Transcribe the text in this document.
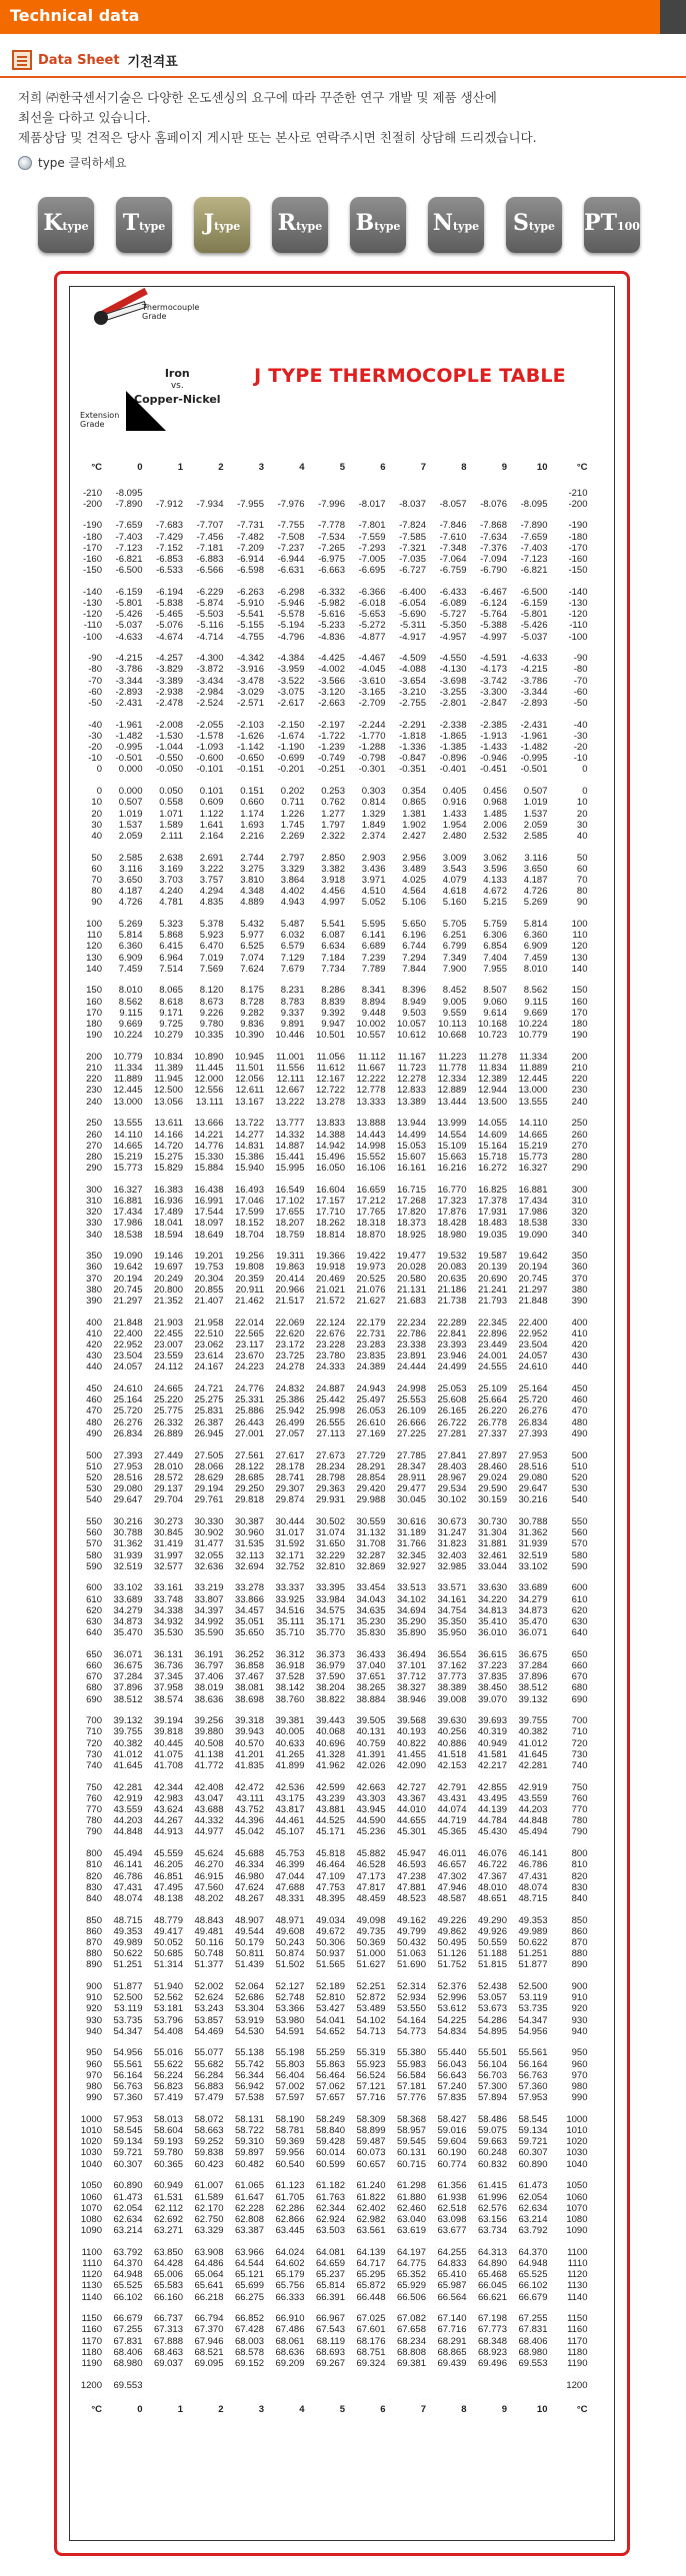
Technical data
Data Sheet 기전격표
저희 ㈜한국센서기술은 다양한 온도센싱의 요구에 따라 꾸준한 연구 개발 및 제품 생산에
최선을 다하고 있습니다.
제품상담 및 견적은 당사 홈페이지 게시판 또는 본사로 연락주시면 친절히 상담해 드리겠습니다.
type 클릭하세요
K type T type J type R type B type N type S type PT 100
Thermocouple Grade
Iron
vs.
Copper-Nickel
Extension Grade
J TYPE THERMOCOPLE TABLE
°C	0	1	2	3	4	5	6	7	8	9	10	°C
-210	-8.095	-210
-200	-7.890	-7.912	-7.934	-7.955	-7.976	-7.996	-8.017	-8.037	-8.057	-8.076	-8.095	-200
-190	-7.659	-7.683	-7.707	-7.731	-7.755	-7.778	-7.801	-7.824	-7.846	-7.868	-7.890	-190
-180	-7.403	-7.429	-7.456	-7.482	-7.508	-7.534	-7.559	-7.585	-7.610	-7.634	-7.659	-180
-170	-7.123	-7.152	-7.181	-7.209	-7.237	-7.265	-7.293	-7.321	-7.348	-7.376	-7.403	-170
-160	-6.821	-6.853	-6.883	-6.914	-6.944	-6.975	-7.005	-7.035	-7.064	-7.094	-7.123	-160
-150	-6.500	-6.533	-6.566	-6.598	-6.631	-6.663	-6.695	-6.727	-6.759	-6.790	-6.821	-150
-140	-6.159	-6.194	-6.229	-6.263	-6.298	-6.332	-6.366	-6.400	-6.433	-6.467	-6.500	-140
-130	-5.801	-5.838	-5.874	-5.910	-5.946	-5.982	-6.018	-6.054	-6.089	-6.124	-6.159	-130
-120	-5.426	-5.465	-5.503	-5.541	-5.578	-5.616	-5.653	-5.690	-5.727	-5.764	-5.801	-120
-110	-5.037	-5.076	-5.116	-5.155	-5.194	-5.233	-5.272	-5.311	-5.350	-5.388	-5.426	-110
-100	-4.633	-4.674	-4.714	-4.755	-4.796	-4.836	-4.877	-4.917	-4.957	-4.997	-5.037	-100
-90	-4.215	-4.257	-4.300	-4.342	-4.384	-4.425	-4.467	-4.509	-4.550	-4.591	-4.633	-90
-80	-3.786	-3.829	-3.872	-3.916	-3.959	-4.002	-4.045	-4.088	-4.130	-4.173	-4.215	-80
-70	-3.344	-3.389	-3.434	-3.478	-3.522	-3.566	-3.610	-3.654	-3.698	-3.742	-3.786	-70
-60	-2.893	-2.938	-2.984	-3.029	-3.075	-3.120	-3.165	-3.210	-3.255	-3.300	-3.344	-60
-50	-2.431	-2.478	-2.524	-2.571	-2.617	-2.663	-2.709	-2.755	-2.801	-2.847	-2.893	-50
-40	-1.961	-2.008	-2.055	-2.103	-2.150	-2.197	-2.244	-2.291	-2.338	-2.385	-2.431	-40
-30	-1.482	-1.530	-1.578	-1.626	-1.674	-1.722	-1.770	-1.818	-1.865	-1.913	-1.961	-30
-20	-0.995	-1.044	-1.093	-1.142	-1.190	-1.239	-1.288	-1.336	-1.385	-1.433	-1.482	-20
-10	-0.501	-0.550	-0.600	-0.650	-0.699	-0.749	-0.798	-0.847	-0.896	-0.946	-0.995	-10
0	0.000	-0.050	-0.101	-0.151	-0.201	-0.251	-0.301	-0.351	-0.401	-0.451	-0.501	0
0	0.000	0.050	0.101	0.151	0.202	0.253	0.303	0.354	0.405	0.456	0.507	0
10	0.507	0.558	0.609	0.660	0.711	0.762	0.814	0.865	0.916	0.968	1.019	10
20	1.019	1.071	1.122	1.174	1.226	1.277	1.329	1.381	1.433	1.485	1.537	20
30	1.537	1.589	1.641	1.693	1.745	1.797	1.849	1.902	1.954	2.006	2.059	30
40	2.059	2.111	2.164	2.216	2.269	2.322	2.374	2.427	2.480	2.532	2.585	40
50	2.585	2.638	2.691	2.744	2.797	2.850	2.903	2.956	3.009	3.062	3.116	50
60	3.116	3.169	3.222	3.275	3.329	3.382	3.436	3.489	3.543	3.596	3.650	60
70	3.650	3.703	3.757	3.810	3.864	3.918	3.971	4.025	4.079	4.133	4.187	70
80	4.187	4.240	4.294	4.348	4.402	4.456	4.510	4.564	4.618	4.672	4.726	80
90	4.726	4.781	4.835	4.889	4.943	4.997	5.052	5.106	5.160	5.215	5.269	90
100	5.269	5.323	5.378	5.432	5.487	5.541	5.595	5.650	5.705	5.759	5.814	100
110	5.814	5.868	5.923	5.977	6.032	6.087	6.141	6.196	6.251	6.306	6.360	110
120	6.360	6.415	6.470	6.525	6.579	6.634	6.689	6.744	6.799	6.854	6.909	120
130	6.909	6.964	7.019	7.074	7.129	7.184	7.239	7.294	7.349	7.404	7.459	130
140	7.459	7.514	7.569	7.624	7.679	7.734	7.789	7.844	7.900	7.955	8.010	140
150	8.010	8.065	8.120	8.175	8.231	8.286	8.341	8.396	8.452	8.507	8.562	150
160	8.562	8.618	8.673	8.728	8.783	8.839	8.894	8.949	9.005	9.060	9.115	160
170	9.115	9.171	9.226	9.282	9.337	9.392	9.448	9.503	9.559	9.614	9.669	170
180	9.669	9.725	9.780	9.836	9.891	9.947	10.002	10.057	10.113	10.168	10.224	180
190	10.224	10.279	10.335	10.390	10.446	10.501	10.557	10.612	10.668	10.723	10.779	190
200	10.779	10.834	10.890	10.945	11.001	11.056	11.112	11.167	11.223	11.278	11.334	200
210	11.334	11.389	11.445	11.501	11.556	11.612	11.667	11.723	11.778	11.834	11.889	210
220	11.889	11.945	12.000	12.056	12.111	12.167	12.222	12.278	12.334	12.389	12.445	220
230	12.445	12.500	12.556	12.611	12.667	12.722	12.778	12.833	12.889	12.944	13.000	230
240	13.000	13.056	13.111	13.167	13.222	13.278	13.333	13.389	13.444	13.500	13.555	240
250	13.555	13.611	13.666	13.722	13.777	13.833	13.888	13.944	13.999	14.055	14.110	250
260	14.110	14.166	14.221	14.277	14.332	14.388	14.443	14.499	14.554	14.609	14.665	260
270	14.665	14.720	14.776	14.831	14.887	14.942	14.998	15.053	15.109	15.164	15.219	270
280	15.219	15.275	15.330	15.386	15.441	15.496	15.552	15.607	15.663	15.718	15.773	280
290	15.773	15.829	15.884	15.940	15.995	16.050	16.106	16.161	16.216	16.272	16.327	290
300	16.327	16.383	16.438	16.493	16.549	16.604	16.659	16.715	16.770	16.825	16.881	300
310	16.881	16.936	16.991	17.046	17.102	17.157	17.212	17.268	17.323	17.378	17.434	310
320	17.434	17.489	17.544	17.599	17.655	17.710	17.765	17.820	17.876	17.931	17.986	320
330	17.986	18.041	18.097	18.152	18.207	18.262	18.318	18.373	18.428	18.483	18.538	330
340	18.538	18.594	18.649	18.704	18.759	18.814	18.870	18.925	18.980	19.035	19.090	340
350	19.090	19.146	19.201	19.256	19.311	19.366	19.422	19.477	19.532	19.587	19.642	350
360	19.642	19.697	19.753	19.808	19.863	19.918	19.973	20.028	20.083	20.139	20.194	360
370	20.194	20.249	20.304	20.359	20.414	20.469	20.525	20.580	20.635	20.690	20.745	370
380	20.745	20.800	20.855	20.911	20.966	21.021	21.076	21.131	21.186	21.241	21.297	380
390	21.297	21.352	21.407	21.462	21.517	21.572	21.627	21.683	21.738	21.793	21.848	390
400	21.848	21.903	21.958	22.014	22.069	22.124	22.179	22.234	22.289	22.345	22.400	400
410	22.400	22.455	22.510	22.565	22.620	22.676	22.731	22.786	22.841	22.896	22.952	410
420	22.952	23.007	23.062	23.117	23.172	23.228	23.283	23.338	23.393	23.449	23.504	420
430	23.504	23.559	23.614	23.670	23.725	23.780	23.835	23.891	23.946	24.001	24.057	430
440	24.057	24.112	24.167	24.223	24.278	24.333	24.389	24.444	24.499	24.555	24.610	440
450	24.610	24.665	24.721	24.776	24.832	24.887	24.943	24.998	25.053	25.109	25.164	450
460	25.164	25.220	25.275	25.331	25.386	25.442	25.497	25.553	25.608	25.664	25.720	460
470	25.720	25.775	25.831	25.886	25.942	25.998	26.053	26.109	26.165	26.220	26.276	470
480	26.276	26.332	26.387	26.443	26.499	26.555	26.610	26.666	26.722	26.778	26.834	480
490	26.834	26.889	26.945	27.001	27.057	27.113	27.169	27.225	27.281	27.337	27.393	490
500	27.393	27.449	27.505	27.561	27.617	27.673	27.729	27.785	27.841	27.897	27.953	500
510	27.953	28.010	28.066	28.122	28.178	28.234	28.291	28.347	28.403	28.460	28.516	510
520	28.516	28.572	28.629	28.685	28.741	28.798	28.854	28.911	28.967	29.024	29.080	520
530	29.080	29.137	29.194	29.250	29.307	29.363	29.420	29.477	29.534	29.590	29.647	530
540	29.647	29.704	29.761	29.818	29.874	29.931	29.988	30.045	30.102	30.159	30.216	540
550	30.216	30.273	30.330	30.387	30.444	30.502	30.559	30.616	30.673	30.730	30.788	550
560	30.788	30.845	30.902	30.960	31.017	31.074	31.132	31.189	31.247	31.304	31.362	560
570	31.362	31.419	31.477	31.535	31.592	31.650	31.708	31.766	31.823	31.881	31.939	570
580	31.939	31.997	32.055	32.113	32.171	32.229	32.287	32.345	32.403	32.461	32.519	580
590	32.519	32.577	32.636	32.694	32.752	32.810	32.869	32.927	32.985	33.044	33.102	590
600	33.102	33.161	33.219	33.278	33.337	33.395	33.454	33.513	33.571	33.630	33.689	600
610	33.689	33.748	33.807	33.866	33.925	33.984	34.043	34.102	34.161	34.220	34.279	610
620	34.279	34.338	34.397	34.457	34.516	34.575	34.635	34.694	34.754	34.813	34.873	620
630	34.873	34.932	34.992	35.051	35.111	35.171	35.230	35.290	35.350	35.410	35.470	630
640	35.470	35.530	35.590	35.650	35.710	35.770	35.830	35.890	35.950	36.010	36.071	640
650	36.071	36.131	36.191	36.252	36.312	36.373	36.433	36.494	36.554	36.615	36.675	650
660	36.675	36.736	36.797	36.858	36.918	36.979	37.040	37.101	37.162	37.223	37.284	660
670	37.284	37.345	37.406	37.467	37.528	37.590	37.651	37.712	37.773	37.835	37.896	670
680	37.896	37.958	38.019	38.081	38.142	38.204	38.265	38.327	38.389	38.450	38.512	680
690	38.512	38.574	38.636	38.698	38.760	38.822	38.884	38.946	39.008	39.070	39.132	690
700	39.132	39.194	39.256	39.318	39.381	39.443	39.505	39.568	39.630	39.693	39.755	700
710	39.755	39.818	39.880	39.943	40.005	40.068	40.131	40.193	40.256	40.319	40.382	710
720	40.382	40.445	40.508	40.570	40.633	40.696	40.759	40.822	40.886	40.949	41.012	720
730	41.012	41.075	41.138	41.201	41.265	41.328	41.391	41.455	41.518	41.581	41.645	730
740	41.645	41.708	41.772	41.835	41.899	41.962	42.026	42.090	42.153	42.217	42.281	740
750	42.281	42.344	42.408	42.472	42.536	42.599	42.663	42.727	42.791	42.855	42.919	750
760	42.919	42.983	43.047	43.111	43.175	43.239	43.303	43.367	43.431	43.495	43.559	760
770	43.559	43.624	43.688	43.752	43.817	43.881	43.945	44.010	44.074	44.139	44.203	770
780	44.203	44.267	44.332	44.396	44.461	44.525	44.590	44.655	44.719	44.784	44.848	780
790	44.848	44.913	44.977	45.042	45.107	45.171	45.236	45.301	45.365	45.430	45.494	790
800	45.494	45.559	45.624	45.688	45.753	45.818	45.882	45.947	46.011	46.076	46.141	800
810	46.141	46.205	46.270	46.334	46.399	46.464	46.528	46.593	46.657	46.722	46.786	810
820	46.786	46.851	46.915	46.980	47.044	47.109	47.173	47.238	47.302	47.367	47.431	820
830	47.431	47.495	47.560	47.624	47.688	47.753	47.817	47.881	47.946	48.010	48.074	830
840	48.074	48.138	48.202	48.267	48.331	48.395	48.459	48.523	48.587	48.651	48.715	840
850	48.715	48.779	48.843	48.907	48.971	49.034	49.098	49.162	49.226	49.290	49.353	850
860	49.353	49.417	49.481	49.544	49.608	49.672	49.735	49.799	49.862	49.926	49.989	860
870	49.989	50.052	50.116	50.179	50.243	50.306	50.369	50.432	50.495	50.559	50.622	870
880	50.622	50.685	50.748	50.811	50.874	50.937	51.000	51.063	51.126	51.188	51.251	880
890	51.251	51.314	51.377	51.439	51.502	51.565	51.627	51.690	51.752	51.815	51.877	890
900	51.877	51.940	52.002	52.064	52.127	52.189	52.251	52.314	52.376	52.438	52.500	900
910	52.500	52.562	52.624	52.686	52.748	52.810	52.872	52.934	52.996	53.057	53.119	910
920	53.119	53.181	53.243	53.304	53.366	53.427	53.489	53.550	53.612	53.673	53.735	920
930	53.735	53.796	53.857	53.919	53.980	54.041	54.102	54.164	54.225	54.286	54.347	930
940	54.347	54.408	54.469	54.530	54.591	54.652	54.713	54.773	54.834	54.895	54.956	940
950	54.956	55.016	55.077	55.138	55.198	55.259	55.319	55.380	55.440	55.501	55.561	950
960	55.561	55.622	55.682	55.742	55.803	55.863	55.923	55.983	56.043	56.104	56.164	960
970	56.164	56.224	56.284	56.344	56.404	56.464	56.524	56.584	56.643	56.703	56.763	970
980	56.763	56.823	56.883	56.942	57.002	57.062	57.121	57.181	57.240	57.300	57.360	980
990	57.360	57.419	57.479	57.538	57.597	57.657	57.716	57.776	57.835	57.894	57.953	990
1000	57.953	58.013	58.072	58.131	58.190	58.249	58.309	58.368	58.427	58.486	58.545	1000
1010	58.545	58.604	58.663	58.722	58.781	58.840	58.899	58.957	59.016	59.075	59.134	1010
1020	59.134	59.193	59.252	59.310	59.369	59.428	59.487	59.545	59.604	59.663	59.721	1020
1030	59.721	59.780	59.838	59.897	59.956	60.014	60.073	60.131	60.190	60.248	60.307	1030
1040	60.307	60.365	60.423	60.482	60.540	60.599	60.657	60.715	60.774	60.832	60.890	1040
1050	60.890	60.949	61.007	61.065	61.123	61.182	61.240	61.298	61.356	61.415	61.473	1050
1060	61.473	61.531	61.589	61.647	61.705	61.763	61.822	61.880	61.938	61.996	62.054	1060
1070	62.054	62.112	62.170	62.228	62.286	62.344	62.402	62.460	62.518	62.576	62.634	1070
1080	62.634	62.692	62.750	62.808	62.866	62.924	62.982	63.040	63.098	63.156	63.214	1080
1090	63.214	63.271	63.329	63.387	63.445	63.503	63.561	63.619	63.677	63.734	63.792	1090
1100	63.792	63.850	63.908	63.966	64.024	64.081	64.139	64.197	64.255	64.313	64.370	1100
1110	64.370	64.428	64.486	64.544	64.602	64.659	64.717	64.775	64.833	64.890	64.948	1110
1120	64.948	65.006	65.064	65.121	65.179	65.237	65.295	65.352	65.410	65.468	65.525	1120
1130	65.525	65.583	65.641	65.699	65.756	65.814	65.872	65.929	65.987	66.045	66.102	1130
1140	66.102	66.160	66.218	66.275	66.333	66.391	66.448	66.506	66.564	66.621	66.679	1140
1150	66.679	66.737	66.794	66.852	66.910	66.967	67.025	67.082	67.140	67.198	67.255	1150
1160	67.255	67.313	67.370	67.428	67.486	67.543	67.601	67.658	67.716	67.773	67.831	1160
1170	67.831	67.888	67.946	68.003	68.061	68.119	68.176	68.234	68.291	68.348	68.406	1170
1180	68.406	68.463	68.521	68.578	68.636	68.693	68.751	68.808	68.865	68.923	68.980	1180
1190	68.980	69.037	69.095	69.152	69.209	69.267	69.324	69.381	69.439	69.496	69.553	1190
1200	69.553	1200
°C	0	1	2	3	4	5	6	7	8	9	10	°C
